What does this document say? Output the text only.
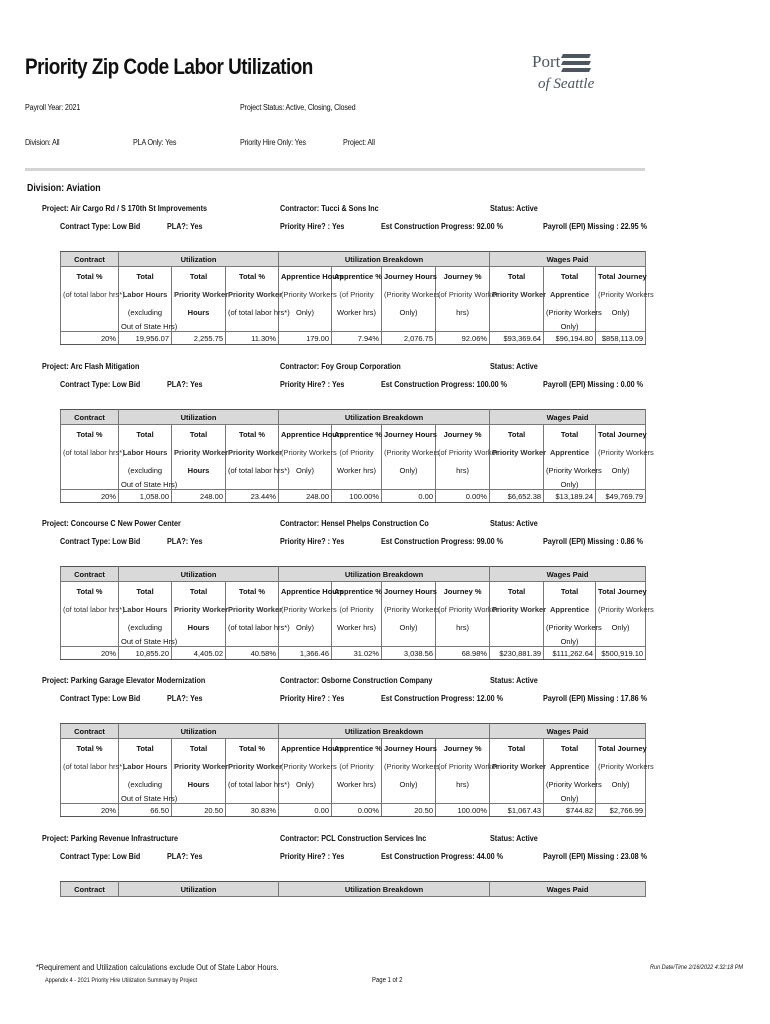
Priority Zip Code Labor Utilization	Port
of Seattle
Payroll Year: 2021	Project Status: Active, Closing, Closed
Division: All	PLA Only: Yes	Priority Hire Only: Yes	Project: All
Division: Aviation
Project: Air Cargo Rd / S 170th St Improvements	Contractor: Tucci & Sons Inc	Status: Active
Contract Type: Low Bid	PLA?: Yes	Priority Hire? : Yes	Est Construction Progress: 92.00 %	Payroll (EPI) Missing : 22.95 %
Contract	Utilization			Utilization Breakdown				Wages Paid		
Total %	Total	Total	Total %	Apprentice Hours	Apprentice %	Journey Hours	Journey %	Total	Total	Total Journey
(of total labor hrs*)	Labor Hours	Priority Worker	Priority Worker	(Priority Workers	(of Priority	(Priority Workers	(of Priority Worker	Priority Worker	Apprentice	(Priority Workers
	(excluding	Hours	(of total labor hrs*)	Only)	Worker hrs)	Only)	hrs)		(Priority Workers	Only)
	Out of State Hrs)								Only)	
20%	19,956.07	2,255.75	11.30%	179.00	7.94%	2,076.75	92.06%	$93,369.64	$96,194.80	$858,113.09
Project: Arc Flash Mitigation	Contractor: Foy Group Corporation	Status: Active
Contract Type: Low Bid	PLA?: Yes	Priority Hire? : Yes	Est Construction Progress: 100.00 %	Payroll (EPI) Missing : 0.00 %
Contract	Utilization			Utilization Breakdown				Wages Paid		
Total %	Total	Total	Total %	Apprentice Hours	Apprentice %	Journey Hours	Journey %	Total	Total	Total Journey
(of total labor hrs*)	Labor Hours	Priority Worker	Priority Worker	(Priority Workers	(of Priority	(Priority Workers	(of Priority Worker	Priority Worker	Apprentice	(Priority Workers
	(excluding	Hours	(of total labor hrs*)	Only)	Worker hrs)	Only)	hrs)		(Priority Workers	Only)
	Out of State Hrs)								Only)	
20%	1,058.00	248.00	23.44%	248.00	100.00%	0.00	0.00%	$6,652.38	$13,189.24	$49,769.79
Project: Concourse C New Power Center	Contractor: Hensel Phelps Construction Co	Status: Active
Contract Type: Low Bid	PLA?: Yes	Priority Hire? : Yes	Est Construction Progress: 99.00 %	Payroll (EPI) Missing : 0.86 %
Contract	Utilization			Utilization Breakdown				Wages Paid		
Total %	Total	Total	Total %	Apprentice Hours	Apprentice %	Journey Hours	Journey %	Total	Total	Total Journey
(of total labor hrs*)	Labor Hours	Priority Worker	Priority Worker	(Priority Workers	(of Priority	(Priority Workers	(of Priority Worker	Priority Worker	Apprentice	(Priority Workers
	(excluding	Hours	(of total labor hrs*)	Only)	Worker hrs)	Only)	hrs)		(Priority Workers	Only)
	Out of State Hrs)								Only)	
20%	10,855.20	4,405.02	40.58%	1,366.46	31.02%	3,038.56	68.98%	$230,881.39	$111,262.64	$500,919.10
Project: Parking Garage Elevator Modernization	Contractor: Osborne Construction Company	Status: Active
Contract Type: Low Bid	PLA?: Yes	Priority Hire? : Yes	Est Construction Progress: 12.00 %	Payroll (EPI) Missing : 17.86 %
Contract	Utilization			Utilization Breakdown				Wages Paid		
Total %	Total	Total	Total %	Apprentice Hours	Apprentice %	Journey Hours	Journey %	Total	Total	Total Journey
(of total labor hrs*)	Labor Hours	Priority Worker	Priority Worker	(Priority Workers	(of Priority	(Priority Workers	(of Priority Worker	Priority Worker	Apprentice	(Priority Workers
	(excluding	Hours	(of total labor hrs*)	Only)	Worker hrs)	Only)	hrs)		(Priority Workers	Only)
	Out of State Hrs)								Only)	
20%	66.50	20.50	30.83%	0.00	0.00%	20.50	100.00%	$1,067.43	$744.82	$2,766.99
Project: Parking Revenue Infrastructure	Contractor: PCL Construction Services Inc	Status: Active
Contract Type: Low Bid	PLA?: Yes	Priority Hire? : Yes	Est Construction Progress: 44.00 %	Payroll (EPI) Missing : 23.08 %
Contract	Utilization	Utilization Breakdown	Wages Paid
*Requirement and Utilization calculations exclude Out of State Labor Hours.
Appendix 4 - 2021 Priority Hire Utilization Summary by Project	Page 1 of 2
Run Date/Time 2/16/2022 4:32:18 PM
